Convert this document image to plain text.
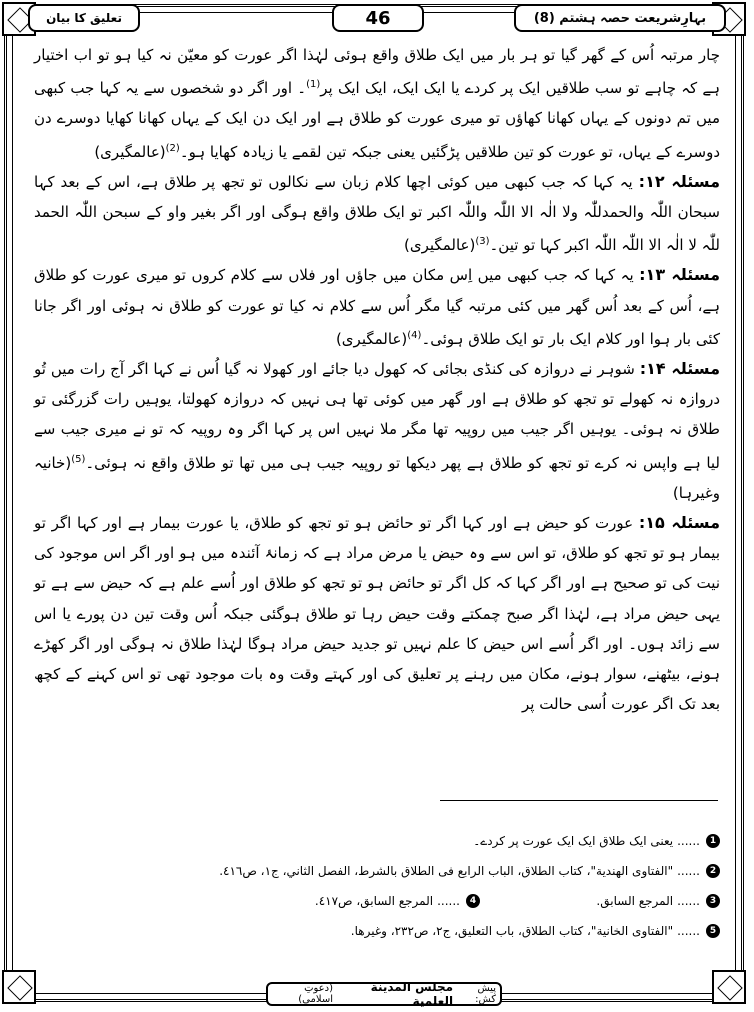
بہارِشریعت حصہ ہشتم (8)
46
تعلیق کا بیان

چار مرتبہ اُس کے گھر گیا تو ہر بار میں ایک طلاق واقع ہوئی لہٰذا اگر عورت کو معیّن نہ کیا ہو تو اب اختیار ہے کہ چاہے تو سب طلاقیں ایک پر کردے یا ایک ایک، ایک ایک پر$^{(1)}$۔ اور اگر دو شخصوں سے یہ کہا جب کبھی میں تم دونوں کے یہاں کھانا کھاؤں تو میری عورت کو طلاق ہے اور ایک دن ایک کے یہاں کھانا کھایا دوسرے دن دوسرے کے یہاں، تو عورت کو تین طلاقیں پڑگئیں یعنی جبکہ تین لقمے یا زیادہ کھایا ہو۔$^{(2)}$(عالمگیری)

مسئلہ ۱۲: یہ کہا کہ جب کبھی میں کوئی اچھا کلام زبان سے نکالوں تو تجھ پر طلاق ہے، اس کے بعد کہا سبحان اللّٰہ والحمدللّٰہ ولا الٰہ الا اللّٰہ واللّٰہ اکبر تو ایک طلاق واقع ہوگی اور اگر بغیر واو کے سبحن اللّٰہ الحمد للّٰہ لا الٰہ الا اللّٰہ اللّٰہ اکبر کہا تو تین۔$^{(3)}$(عالمگیری)

مسئلہ ۱۳: یہ کہا کہ جب کبھی میں اِس مکان میں جاؤں اور فلاں سے کلام کروں تو میری عورت کو طلاق ہے، اُس کے بعد اُس گھر میں کئی مرتبہ گیا مگر اُس سے کلام نہ کیا تو عورت کو طلاق نہ ہوئی اور اگر جانا کئی بار ہوا اور کلام ایک بار تو ایک طلاق ہوئی۔$^{(4)}$(عالمگیری)

مسئلہ ۱۴: شوہر نے دروازہ کی کنڈی بجائی کہ کھول دیا جائے اور کھولا نہ گیا اُس نے کہا اگر آج رات میں تُو دروازہ نہ کھولے تو تجھ کو طلاق ہے اور گھر میں کوئی تھا ہی نہیں کہ دروازہ کھولتا، یوہیں رات گزرگئی تو طلاق نہ ہوئی۔ یوہیں اگر جیب میں روپیہ تھا مگر ملا نہیں اس پر کہا اگر وہ روپیہ کہ تو نے میری جیب سے لیا ہے واپس نہ کرے تو تجھ کو طلاق ہے پھر دیکھا تو روپیہ جیب ہی میں تھا تو طلاق واقع نہ ہوئی۔$^{(5)}$(خانیہ وغیرہا)

مسئلہ ۱۵: عورت کو حیض ہے اور کہا اگر تو حائض ہو تو تجھ کو طلاق، یا عورت بیمار ہے اور کہا اگر تو بیمار ہو تو تجھ کو طلاق، تو اس سے وہ حیض یا مرض مراد ہے کہ زمانۂ آئندہ میں ہو اور اگر اس موجود کی نیت کی تو صحیح ہے اور اگر کہا کہ کل اگر تو حائض ہو تو تجھ کو طلاق اور اُسے علم ہے کہ حیض سے ہے تو یہی حیض مراد ہے، لہٰذا اگر صبح چمکتے وقت حیض رہا تو طلاق ہوگئی جبکہ اُس وقت تین دن پورے یا اس سے زائد ہوں۔ اور اگر اُسے اس حیض کا علم نہیں تو جدید حیض مراد ہوگا لہٰذا طلاق نہ ہوگی اور اگر کھڑے ہونے، بیٹھنے، سوار ہونے، مکان میں رہنے پر تعلیق کی اور کہتے وقت وہ بات موجود تھی تو اس کہنے کے کچھ بعد تک اگر عورت اُسی حالت پر

1
......
یعنی ایک طلاق ایک ایک عورت پر کردے۔
2
......
"الفتاوی الهندية"، کتاب الطلاق، الباب الرابع فی الطلاق بالشرط، الفصل الثاني، ج١، ص٤١٦.
3
......
المرجع السابق.
4
......
المرجع السابق، ص٤١٧.
5
......
"الفتاوی الخانية"، کتاب الطلاق، باب التعليق، ج٢، ص٢٣٢، وغیرها.
پیش کش:
مجلس المدينة العلمية
(دعوتِ اسلامی)
